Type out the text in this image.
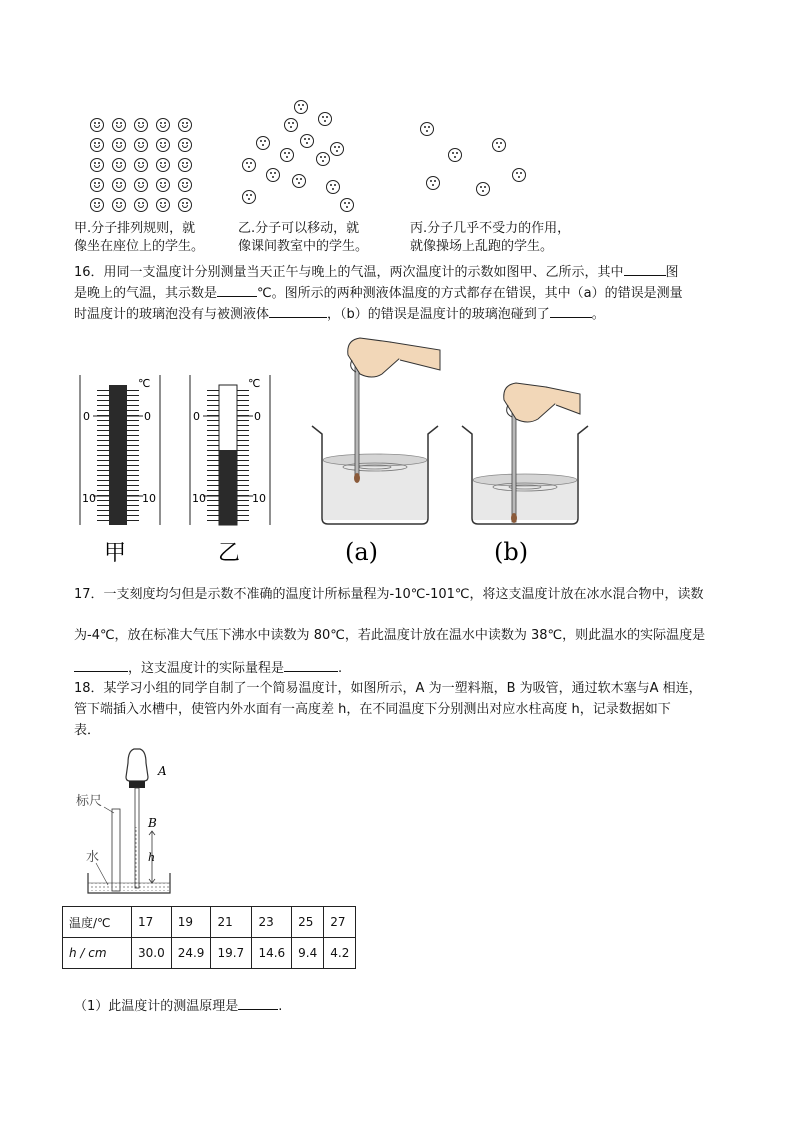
甲.分子排列规则，就
像坐在座位上的学生。
乙.分子可以移动，就
像课间教室中的学生。
丙.分子几乎不受力的作用，
就像操场上乱跑的学生。
16．用同一支温度计分别测量当天正午与晚上的气温，两次温度计的示数如图甲、乙所示，其中	图
是晚上的气温，其示数是	℃。图所示的两种测液体温度的方式都存在错误，其中（a）的错误是测量
时温度计的玻璃泡没有与被测液体	，（b）的错误是温度计的玻璃泡碰到了	。
℃
0	0
10	10
℃
0	0
10	10
甲	乙	(a)	(b)
17．一支刻度均匀但是示数不准确的温度计所标量程为-10℃-101℃，将这支温度计放在冰水混合物中，读数
为-4℃，放在标准大气压下沸水中读数为 80℃，若此温度计放在温水中读数为 38℃，则此温水的实际温度是
，这支温度计的实际量程是	.
18．某学习小组的同学自制了一个简易温度计，如图所示，A 为一塑料瓶，B 为吸管，通过软木塞与A 相连，
管下端插入水槽中，使管内外水面有一高度差 h，在不同温度下分别测出对应水柱高度 h，记录数据如下
表．
A
B
h
标尺
水
温度/℃	17	19	21	23	25	27
h / cm	30.0	24.9	19.7	14.6	9.4	4.2
（1）此温度计的测温原理是	.
